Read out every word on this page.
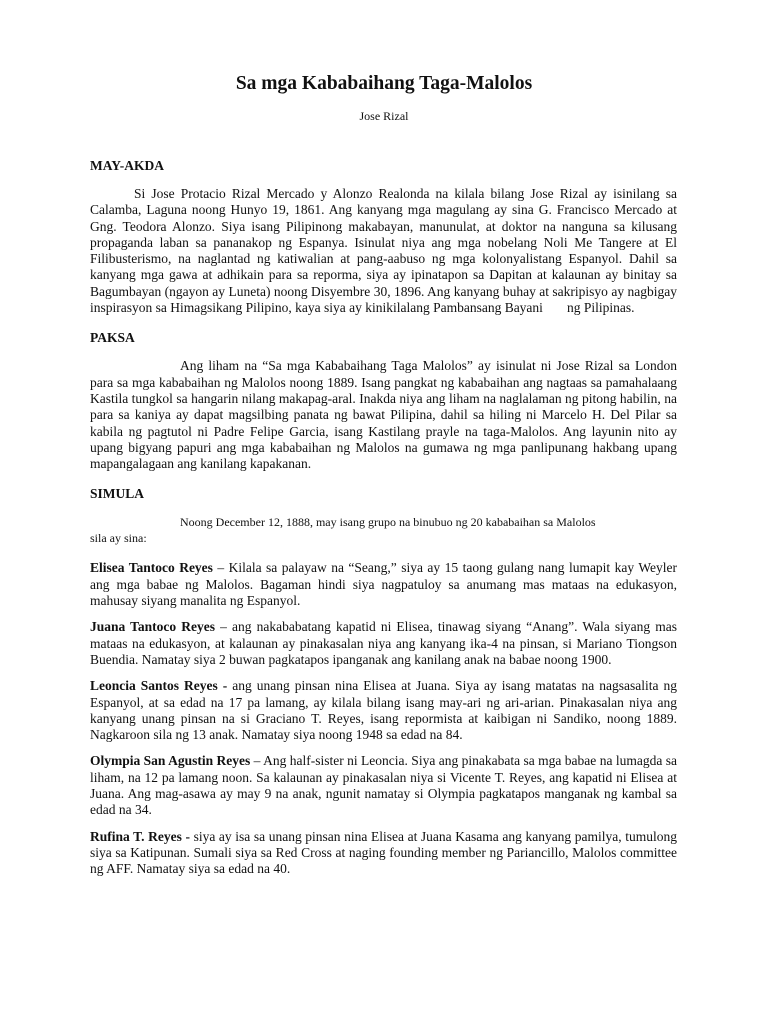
Sa mga Kababaihang Taga-Malolos
Jose Rizal
MAY-AKDA

Si Jose Protacio Rizal Mercado y Alonzo Realonda na kilala bilang Jose Rizal ay isinilang sa Calamba, Laguna noong Hunyo 19, 1861. Ang kanyang mga magulang ay sina G. Francisco Mercado at Gng. Teodora Alonzo. Siya isang Pilipinong makabayan, manunulat, at doktor na nanguna sa kilusang propaganda laban sa pananakop ng Espanya. Isinulat niya ang mga nobelang Noli Me Tangere at El Filibusterismo, na naglantad ng katiwalian at pang-aabuso ng mga kolonyalistang Espanyol. Dahil sa kanyang mga gawa at adhikain para sa reporma, siya ay ipinatapon sa Dapitan at kalaunan ay binitay sa Bagumbayan (ngayon ay Luneta) noong Disyembre 30, 1896. Ang kanyang buhay at sakripisyo ay nagbigay inspirasyon sa Himagsikang Pilipino, kaya siya ay kinikilalang Pambansang Bayani ng Pilipinas.

PAKSA

Ang liham na “Sa mga Kababaihang Taga Malolos” ay isinulat ni Jose Rizal sa London para sa mga kababaihan ng Malolos noong 1889. Isang pangkat ng kababaihan ang nagtaas sa pamahalaang Kastila tungkol sa hangarin nilang makapag-aral. Inakda niya ang liham na naglalaman ng pitong habilin, na para sa kaniya ay dapat magsilbing panata ng bawat Pilipina, dahil sa hiling ni Marcelo H. Del Pilar sa kabila ng pagtutol ni Padre Felipe Garcia, isang Kastilang prayle na taga-Malolos. Ang layunin nito ay upang bigyang papuri ang mga kababaihan ng Malolos na gumawa ng mga panlipunang hakbang upang mapangalagaan ang kanilang kapakanan.

SIMULA

Noong December 12, 1888, may isang grupo na binubuo ng 20 kababaihan sa Malolos

sila ay sina:

Elisea Tantoco Reyes – Kilala sa palayaw na “Seang,” siya ay 15 taong gulang nang lumapit kay Weyler ang mga babae ng Malolos. Bagaman hindi siya nagpatuloy sa anumang mas mataas na edukasyon, mahusay siyang manalita ng Espanyol.

Juana Tantoco Reyes – ang nakababatang kapatid ni Elisea, tinawag siyang “Anang”. Wala siyang mas mataas na edukasyon, at kalaunan ay pinakasalan niya ang kanyang ika-4 na pinsan, si Mariano Tiongson Buendia. Namatay siya 2 buwan pagkatapos ipanganak ang kanilang anak na babae noong 1900.

Leoncia Santos Reyes - ang unang pinsan nina Elisea at Juana. Siya ay isang matatas na nagsasalita ng Espanyol, at sa edad na 17 pa lamang, ay kilala bilang isang may-ari ng ari-arian. Pinakasalan niya ang kanyang unang pinsan na si Graciano T. Reyes, isang repormista at kaibigan ni Sandiko, noong 1889. Nagkaroon sila ng 13 anak. Namatay siya noong 1948 sa edad na 84.

Olympia San Agustin Reyes – Ang half-sister ni Leoncia. Siya ang pinakabata sa mga babae na lumagda sa liham, na 12 pa lamang noon. Sa kalaunan ay pinakasalan niya si Vicente T. Reyes, ang kapatid ni Elisea at Juana. Ang mag-asawa ay may 9 na anak, ngunit namatay si Olympia pagkatapos manganak ng kambal sa edad na 34.

Rufina T. Reyes - siya ay isa sa unang pinsan nina Elisea at Juana Kasama ang kanyang pamilya, tumulong siya sa Katipunan. Sumali siya sa Red Cross at naging founding member ng Pariancillo, Malolos committee ng AFF. Namatay siya sa edad na 40.
